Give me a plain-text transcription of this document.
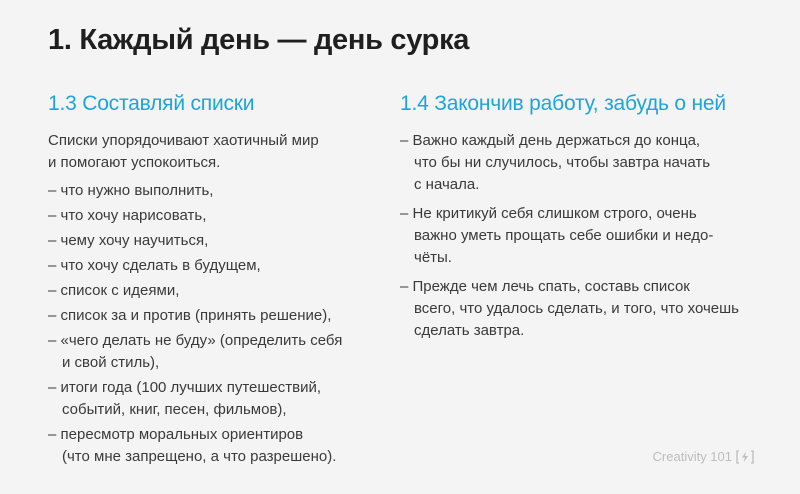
1. Каждый день — день сурка
1.3 Составляй списки
Списки упорядочивают хаотичный мир
и помогают успокоиться.
– что нужно выполнить,
– что хочу нарисовать,
– чему хочу научиться,
– что хочу сделать в будущем,
– список с идеями,
– список за и против (принять решение),
– «чего делать не буду» (определить себя
и свой стиль),
– итоги года (100 лучших путешествий,
событий, книг, песен, фильмов),
– пересмотр моральных ориентиров
(что мне запрещено, а что разрешено).
1.4 Закончив работу, забудь о ней
– Важно каждый день держаться до конца,
что бы ни случилось, чтобы завтра начать
с начала.
– Не критикуй себя слишком строго, очень
важно уметь прощать себе ошибки и недо-
чёты.
– Прежде чем лечь спать, составь список
всего, что удалось сделать, и того, что хочешь
сделать завтра.
Creativity 101
